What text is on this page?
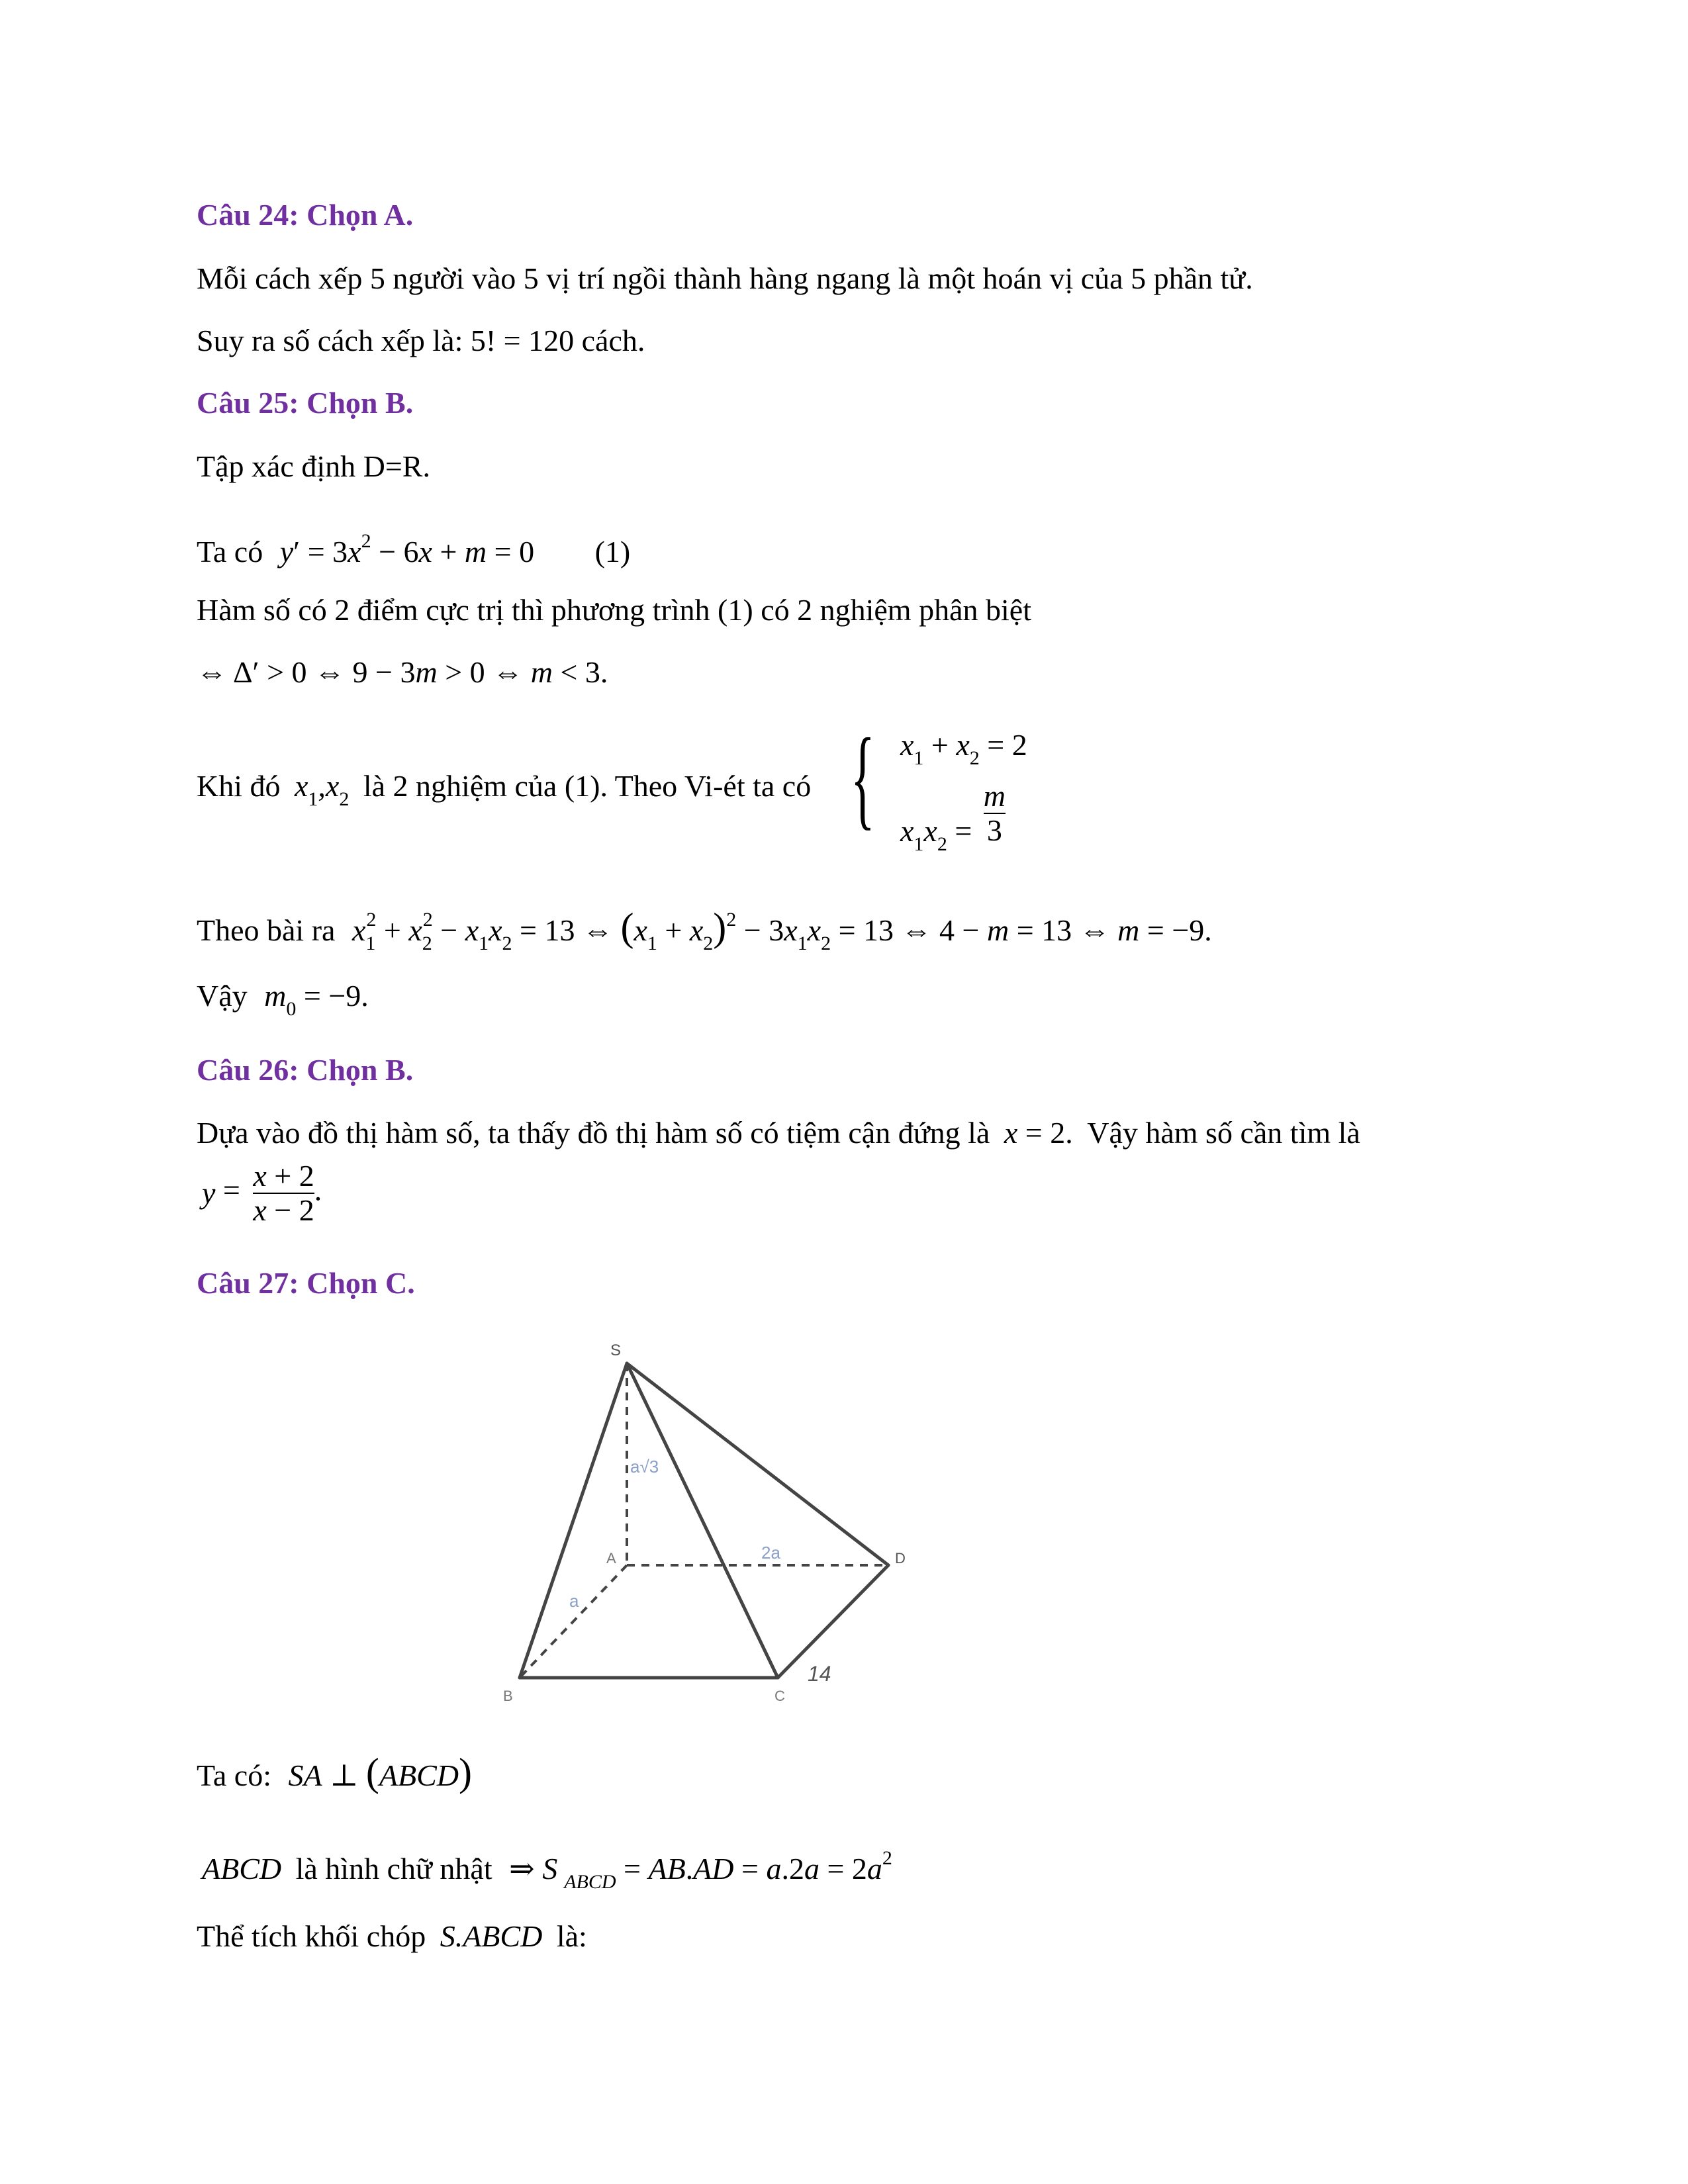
Câu 24: Chọn A.
Mỗi cách xếp 5 người vào 5 vị trí ngồi thành hàng ngang là một hoán vị của 5 phần tử.
Suy ra số cách xếp là: 5! = 120 cách.
Câu 25: Chọn B.
Tập xác định D=R.
Ta có $y' = 3x^2 - 6x + m = 0$ (1)
Hàm số có 2 điểm cực trị thì phương trình (1) có 2 nghiệm phân biệt
⇔ Δ′ > 0 ⇔ 9 − 3m > 0 ⇔ m < 3.
Khi đó $x_1,x_2$ là 2 nghiệm của (1). Theo Vi-ét ta có { $x_1 + x_2 = 2$
$x_1x_2 = \frac{m}{3}$
Theo bài ra $x_1^2 + x_2^2 - x_1x_2 = 13$ ⇔ $(x_1 + x_2)^2 - 3x_1x_2 = 13$ ⇔ 4 − m = 13 ⇔ m = −9.
Vậy $m_0 = -9$.
Câu 26: Chọn B.
Dựa vào đồ thị hàm số, ta thấy đồ thị hàm số có tiệm cận đứng là x = 2. Vậy hàm số cần tìm là
$y = \frac{x + 2}{x - 2}$ .
Câu 27: Chọn C.
S
A
B	C
D
a√3
2a
a
14
Ta có: SA ⊥ (ABCD)
ABCD là hình chữ nhật ⇒ S $_{ABCD} = AB.AD = a.2a = 2a^2$
Thể tích khối chóp S.ABCD là:
